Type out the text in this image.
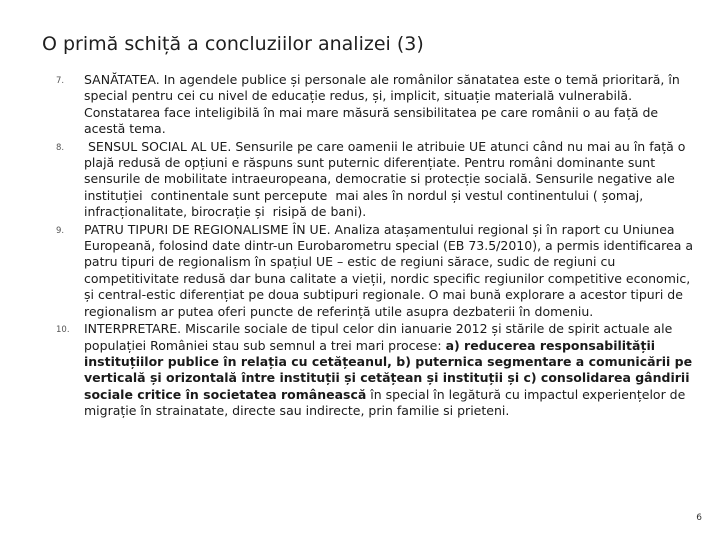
O primă schiță a concluziilor analizei (3)
7. SANĂTATEA. In agendele publice și personale ale românilor sănatatea este o temă prioritară, în special pentru cei cu nivel de educație redus, și, implicit, situație materială vulnerabilă. Constatarea face inteligibilă în mai mare măsură sensibilitatea pe care românii o au față de acestă tema.
8. SENSUL SOCIAL AL UE. Sensurile pe care oamenii le atribuie UE atunci când nu mai au în față o plajă redusă de opțiuni e răspuns sunt puternic diferențiate. Pentru români dominante sunt sensurile de mobilitate intraeuropeana, democratie si protecție socială. Sensurile negative ale instituției  continentale sunt percepute  mai ales în nordul și vestul continentului ( șomaj, infracționalitate, birocrație și  risipă de bani).
9. PATRU TIPURI DE REGIONALISME ÎN UE. Analiza atașamentului regional și în raport cu Uniunea Europeană, folosind date dintr-un Eurobarometru special (EB 73.5/2010), a permis identificarea a patru tipuri de regionalism în spațiul UE – estic de regiuni sărace, sudic de regiuni cu competitivitate redusă dar buna calitate a vieții, nordic specific regiunilor competitive economic, și central-estic diferențiat pe doua subtipuri regionale. O mai bună explorare a acestor tipuri de regionalism ar putea oferi puncte de referință utile asupra dezbaterii în domeniu.
10. INTERPRETARE. Miscarile sociale de tipul celor din ianuarie 2012 și stările de spirit actuale ale populației României stau sub semnul a trei mari procese: a) reducerea responsabilității instituțiilor publice în relația cu cetățeanul, b) puternica segmentare a comunicării pe verticală și orizontală între instituții și cetățean și instituții și c) consolidarea gândirii sociale critice în societatea românească în special în legătură cu impactul experiențelor de migrație în strainatate, directe sau indirecte, prin familie si prieteni.
6
